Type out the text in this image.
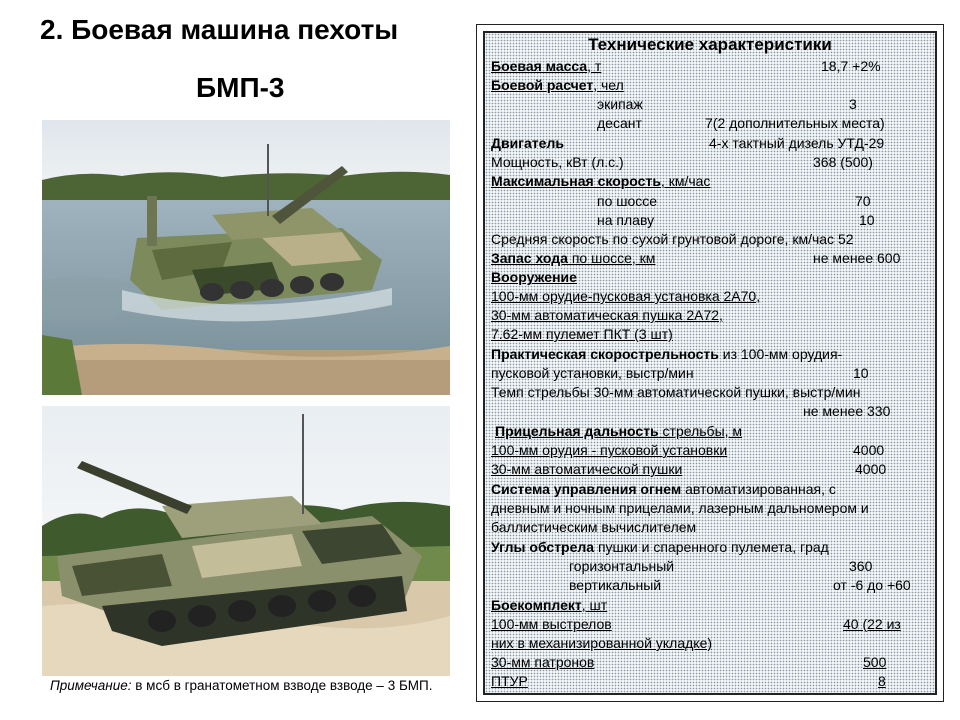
2. Боевая машина пехоты
БМП-3
Примечание: в мсб в гранатометном взводе взводе – 3 БМП.
Технические характеристики
Боевая масса, т	18,7 +2%
Боевой расчет, чел
экипаж	3
десант	7(2 дополнительных места)
Двигатель	4-х тактный дизель УТД-29
Мощность, кВт (л.с.)	368 (500)
Максимальная скорость, км/час
по шоссе	70
на плаву	10
Средняя скорость по сухой грунтовой дороге, км/час 52
Запас хода по шоссе, км	не менее 600
Вооружение
100-мм орудие-пусковая установка 2А70,
30-мм автоматическая пушка 2А72,
7.62-мм пулемет ПКТ (3 шт)
Практическая скорострельность из 100-мм орудия-
пусковой установки, выстр/мин	10
Темп стрельбы 30-мм автоматической пушки, выстр/мин
не менее 330
Прицельная дальность стрельбы, м
100-мм орудия - пусковой установки	4000
30-мм автоматической пушки	4000
Система управления огнем автоматизированная, с
дневным и ночным прицелами, лазерным дальномером и
баллистическим вычислителем
Углы обстрела пушки и спаренного пулемета, град
горизонтальный	360
вертикальный	от -6 до +60
Боекомплект, шт
100-мм выстрелов	40 (22 из
них в механизированной укладке)
30-мм патронов	500
ПТУР	8
